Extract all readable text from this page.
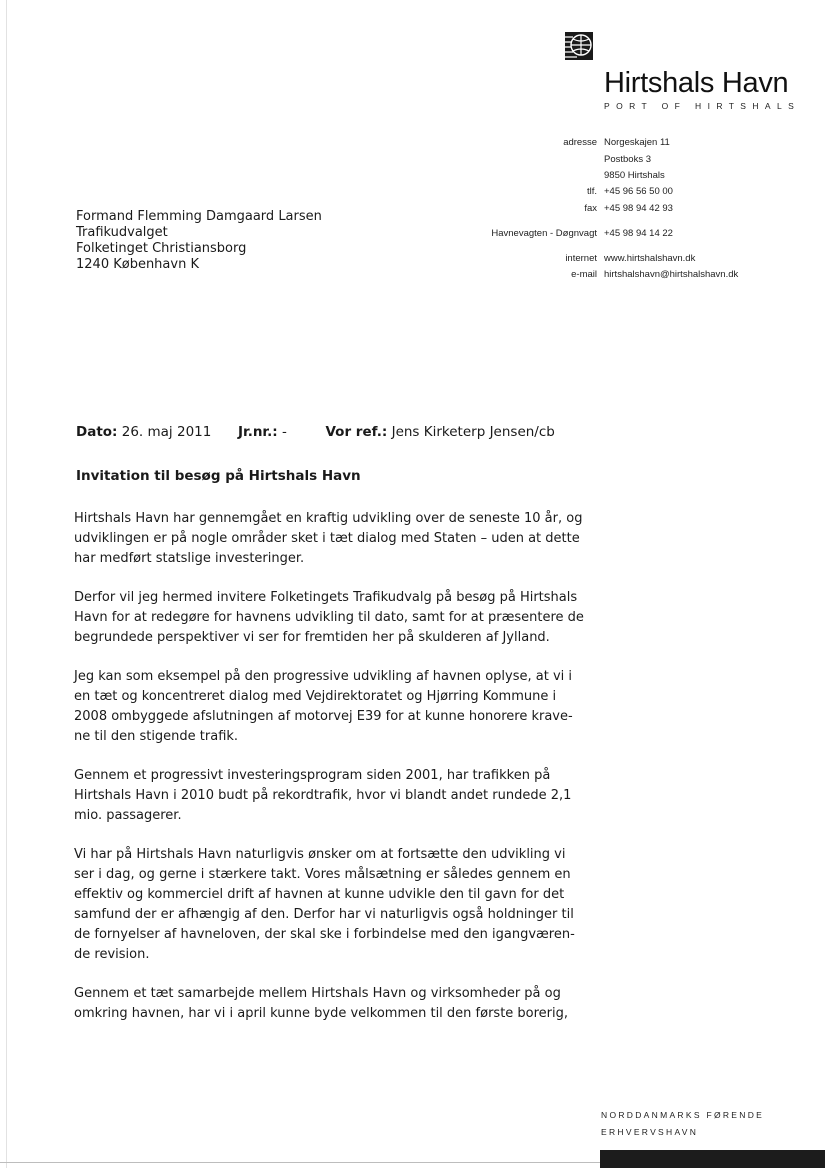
Hirtshals Havn
PORT OF HIRTSHALS
adresse Norgeskajen 11
Postboks 3
9850 Hirtshals
tlf. +45 96 56 50 00
fax +45 98 94 42 93
Havnevagten - Døgnvagt +45 98 94 14 22
internet www.hirtshalshavn.dk
e-mail hirtshalshavn@hirtshalshavn.dk
Formand Flemming Damgaard Larsen
Trafikudvalget
Folketinget Christiansborg
1240 København K
Dato: 26. maj 2011 Jr.nr.: -	Vor ref.: Jens Kirketerp Jensen/cb
Invitation til besøg på Hirtshals Havn

Hirtshals Havn har gennemgået en kraftig udvikling over de seneste 10 år, og udviklingen er på nogle områder sket i tæt dialog med Staten – uden at dette har medført statslige investeringer.

Derfor vil jeg hermed invitere Folketingets Trafikudvalg på besøg på Hirtshals Havn for at redegøre for havnens udvikling til dato, samt for at præsentere de begrundede perspektiver vi ser for fremtiden her på skulderen af Jylland.

Jeg kan som eksempel på den progressive udvikling af havnen oplyse, at vi i en tæt og koncentreret dialog med Vejdirektoratet og Hjørring Kommune i 2008 ombyggede afslutningen af motorvej E39 for at kunne honorere krave-ne til den stigende trafik.

Gennem et progressivt investeringsprogram siden 2001, har trafikken på Hirtshals Havn i 2010 budt på rekordtrafik, hvor vi blandt andet rundede 2,1 mio. passagerer.

Vi har på Hirtshals Havn naturligvis ønsker om at fortsætte den udvikling vi ser i dag, og gerne i stærkere takt. Vores målsætning er således gennem en effektiv og kommerciel drift af havnen at kunne udvikle den til gavn for det samfund der er afhængig af den. Derfor har vi naturligvis også holdninger til de fornyelser af havneloven, der skal ske i forbindelse med den igangværen-de revision.

Gennem et tæt samarbejde mellem Hirtshals Havn og virksomheder på og omkring havnen, har vi i april kunne byde velkommen til den første borerig,

NORDDANMARKS FØRENDE
ERHVERVSHAVN
